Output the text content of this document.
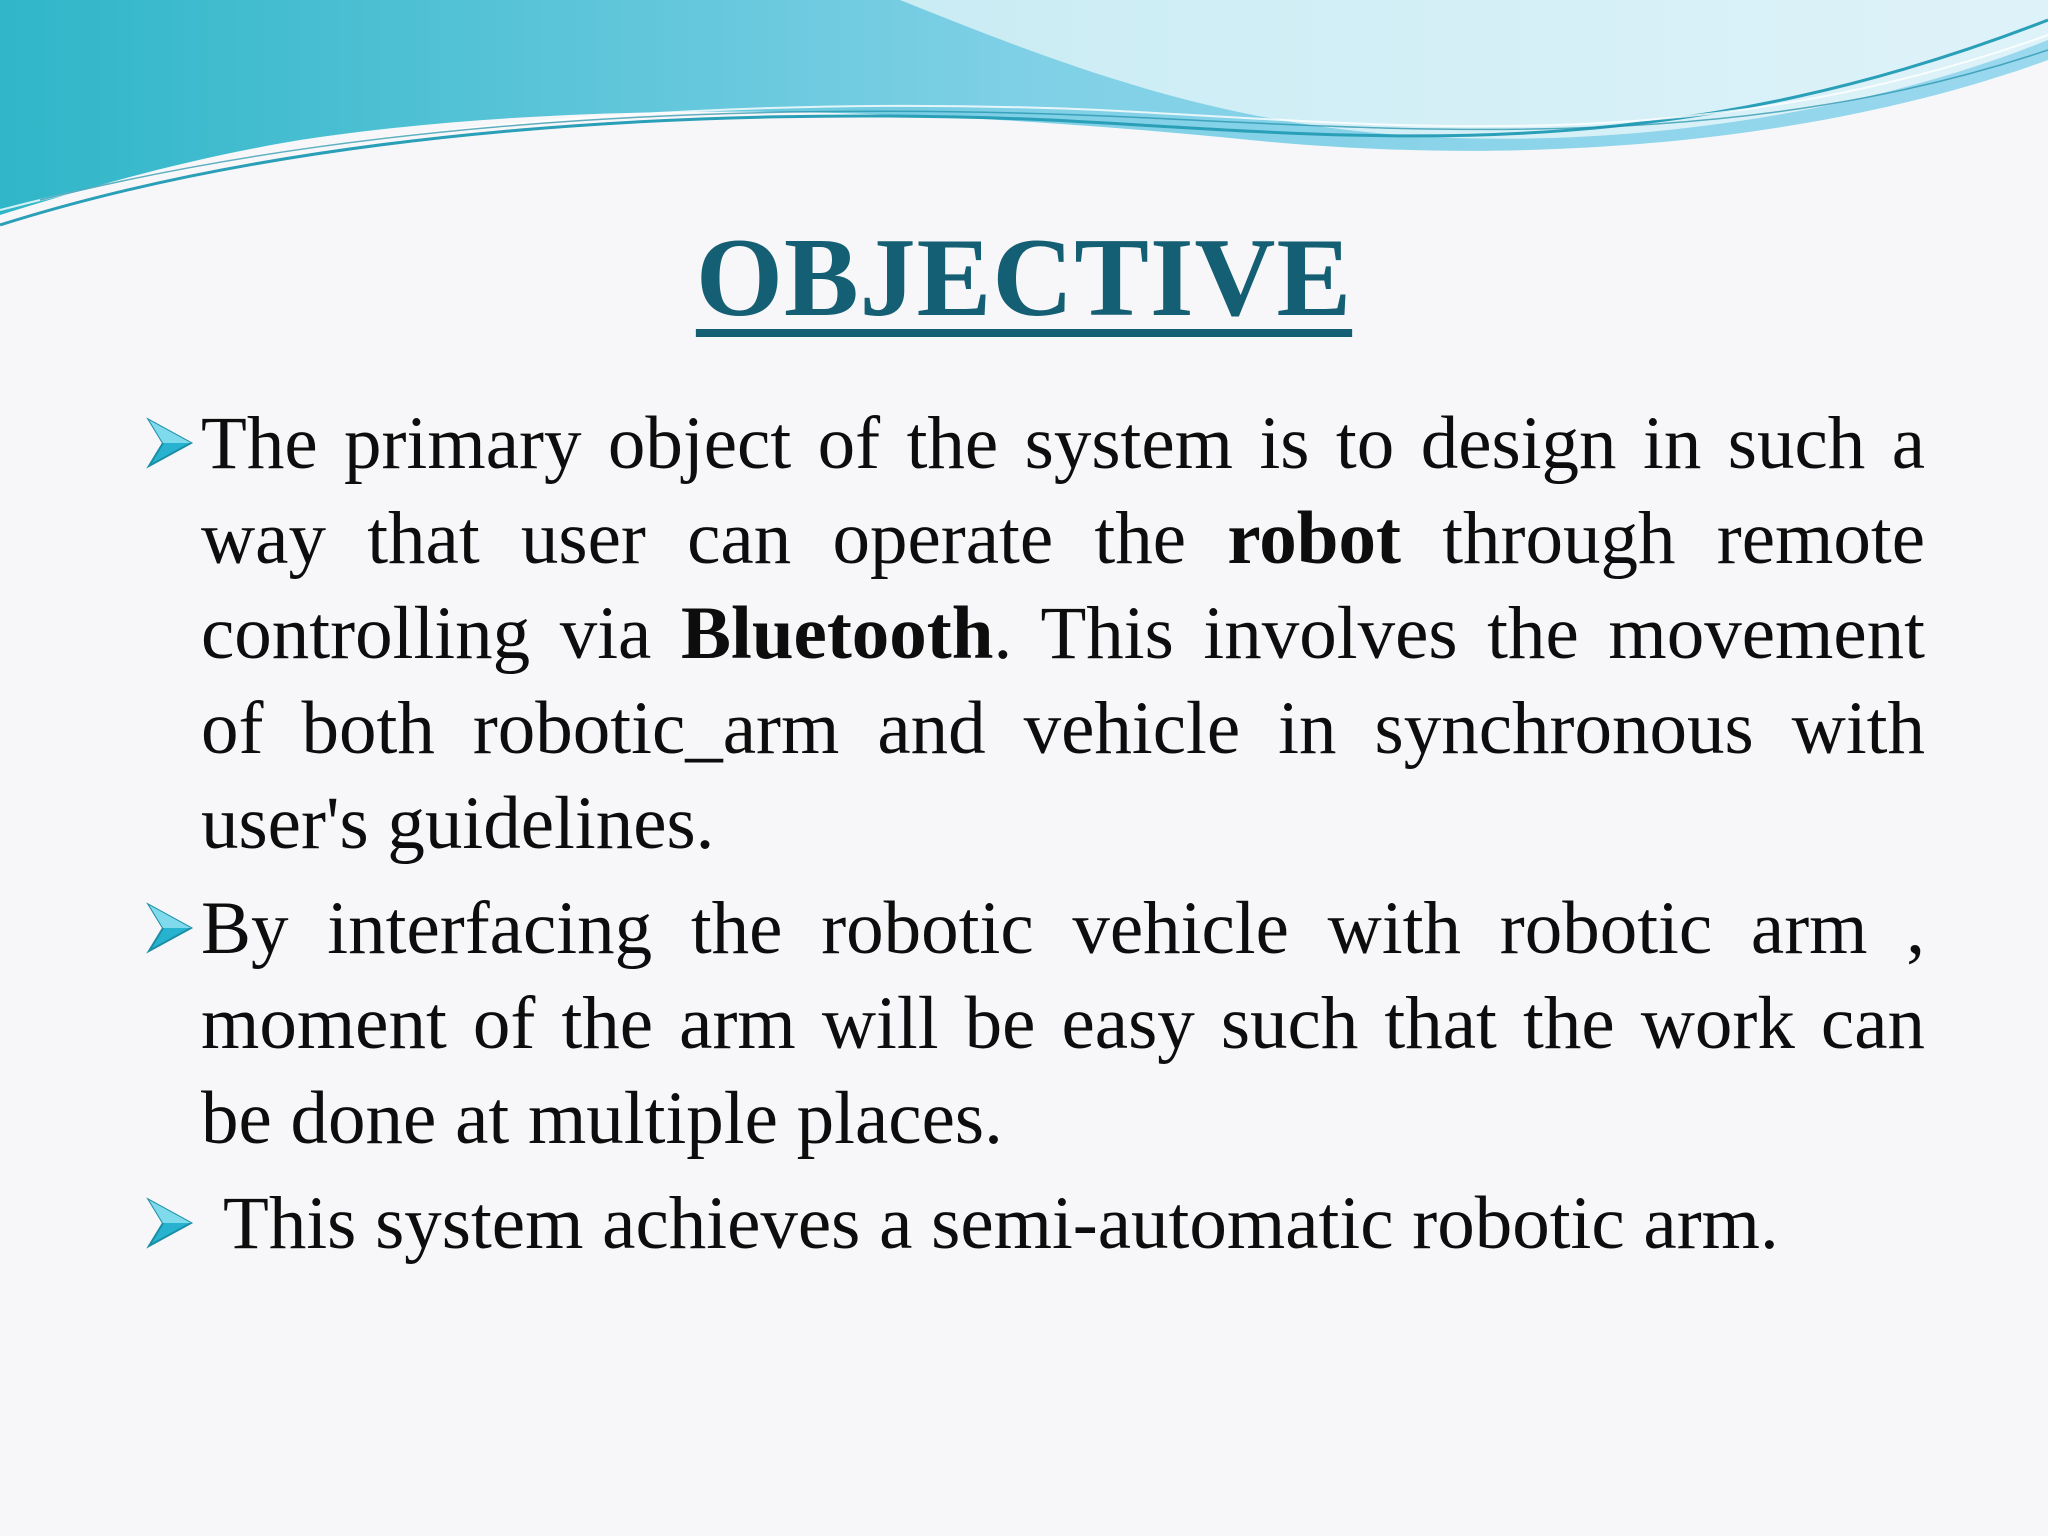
OBJECTIVE
The primary object of the system is to design in such a way that user can operate the robot through remote controlling via Bluetooth. This involves the movement of both robotic_arm and vehicle in synchronous with user's guidelines.
By interfacing the robotic vehicle with robotic arm , moment of the arm will be easy such that the work can be done at multiple places.
This system achieves a semi-automatic robotic arm.
